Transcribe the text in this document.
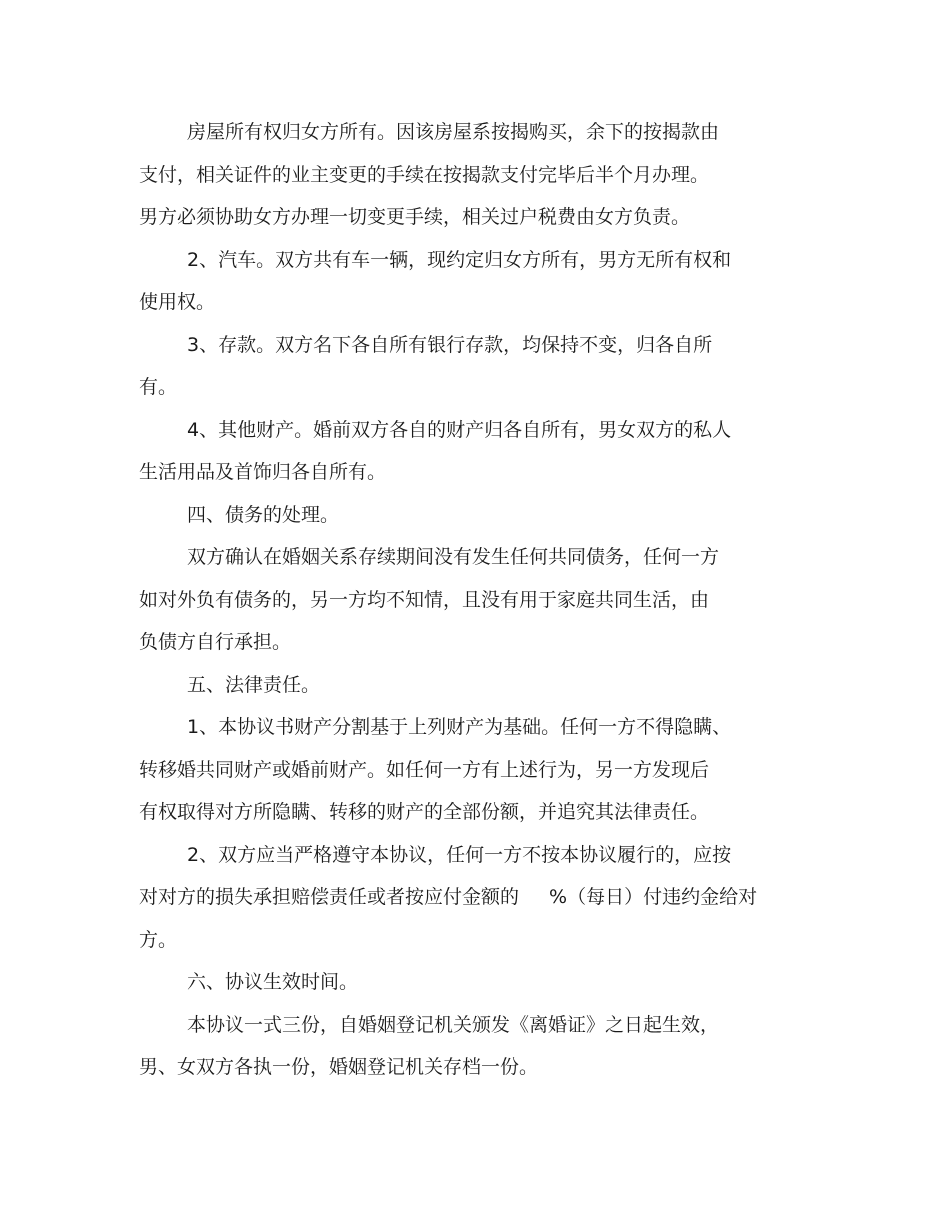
房屋所有权归女方所有。因该房屋系按揭购买，余下的按揭款由
支付，相关证件的业主变更的手续在按揭款支付完毕后半个月办理。
男方必须协助女方办理一切变更手续，相关过户税费由女方负责。
2、汽车。双方共有车一辆，现约定归女方所有，男方无所有权和
使用权。
3、存款。双方名下各自所有银行存款，均保持不变，归各自所
有。
4、其他财产。婚前双方各自的财产归各自所有，男女双方的私人
生活用品及首饰归各自所有。
四、债务的处理。
双方确认在婚姻关系存续期间没有发生任何共同债务，任何一方
如对外负有债务的，另一方均不知情，且没有用于家庭共同生活，由
负债方自行承担。
五、法律责任。
1、本协议书财产分割基于上列财产为基础。任何一方不得隐瞒、
转移婚共同财产或婚前财产。如任何一方有上述行为，另一方发现后
有权取得对方所隐瞒、转移的财产的全部份额，并追究其法律责任。
2、双方应当严格遵守本协议，任何一方不按本协议履行的，应按
对对方的损失承担赔偿责任或者按应付金额的 %（每日）付违约金给对
方。
六、协议生效时间。
本协议一式三份，自婚姻登记机关颁发《离婚证》之日起生效，
男、女双方各执一份，婚姻登记机关存档一份。
